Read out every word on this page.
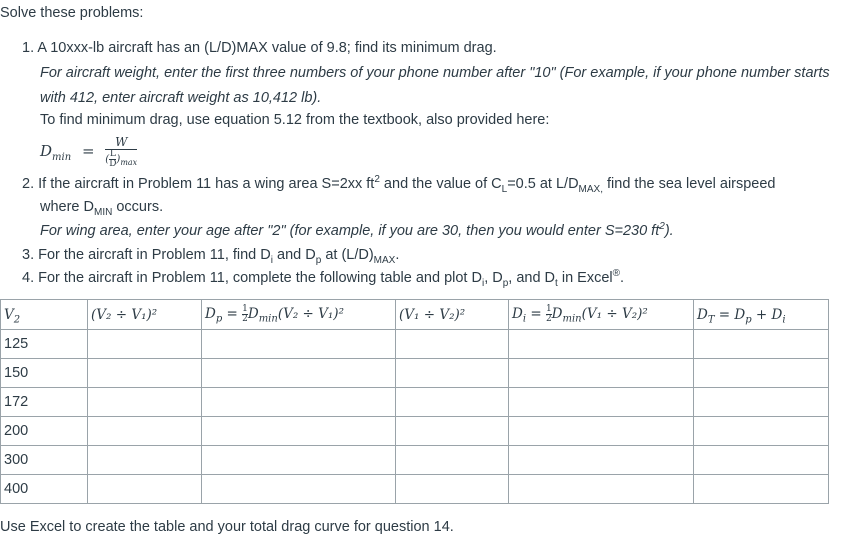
Solve these problems:
1. A 10xxx-lb aircraft has an (L/D)MAX value of 9.8; find its minimum drag.
For aircraft weight, enter the first three numbers of your phone number after "10" (For example, if your phone number starts
with 412, enter aircraft weight as 10,412 lb).
To find minimum drag, use equation 5.12 from the textbook, also provided here:
$D_{min} = \frac{W}{( \frac{L}{D} )_{max}}$
2. If the aircraft in Problem 11 has a wing area S=2xx $ft^2$ and the value of $C_L=0.5$ at $L/D_{MAX,}$ find the sea level airspeed
where $D_{MIN}$ occurs.
For wing area, enter your age after "2" (for example, if you are 30, then you would enter S=230 $ft^2$).
3. For the aircraft in Problem 11, find $D_i$ and $D_p$ at $(L/D)_{MAX}$.
4. For the aircraft in Problem 11, complete the following table and plot $D_i$, $D_p$, and $D_t$ in Excel®.
$V_2$	(V₂ ÷ V₁)²	$D_p = \frac{1}{2} D_{min}(V_2 \div V_1)^2$	(V₁ ÷ V₂)²	$D_i = \frac{1}{2} D_{min}(V_1 \div V_2)^2$	$D_T = D_p + D_i$
125					
150					
172					
200					
300					
400					
Use Excel to create the table and your total drag curve for question 14.
